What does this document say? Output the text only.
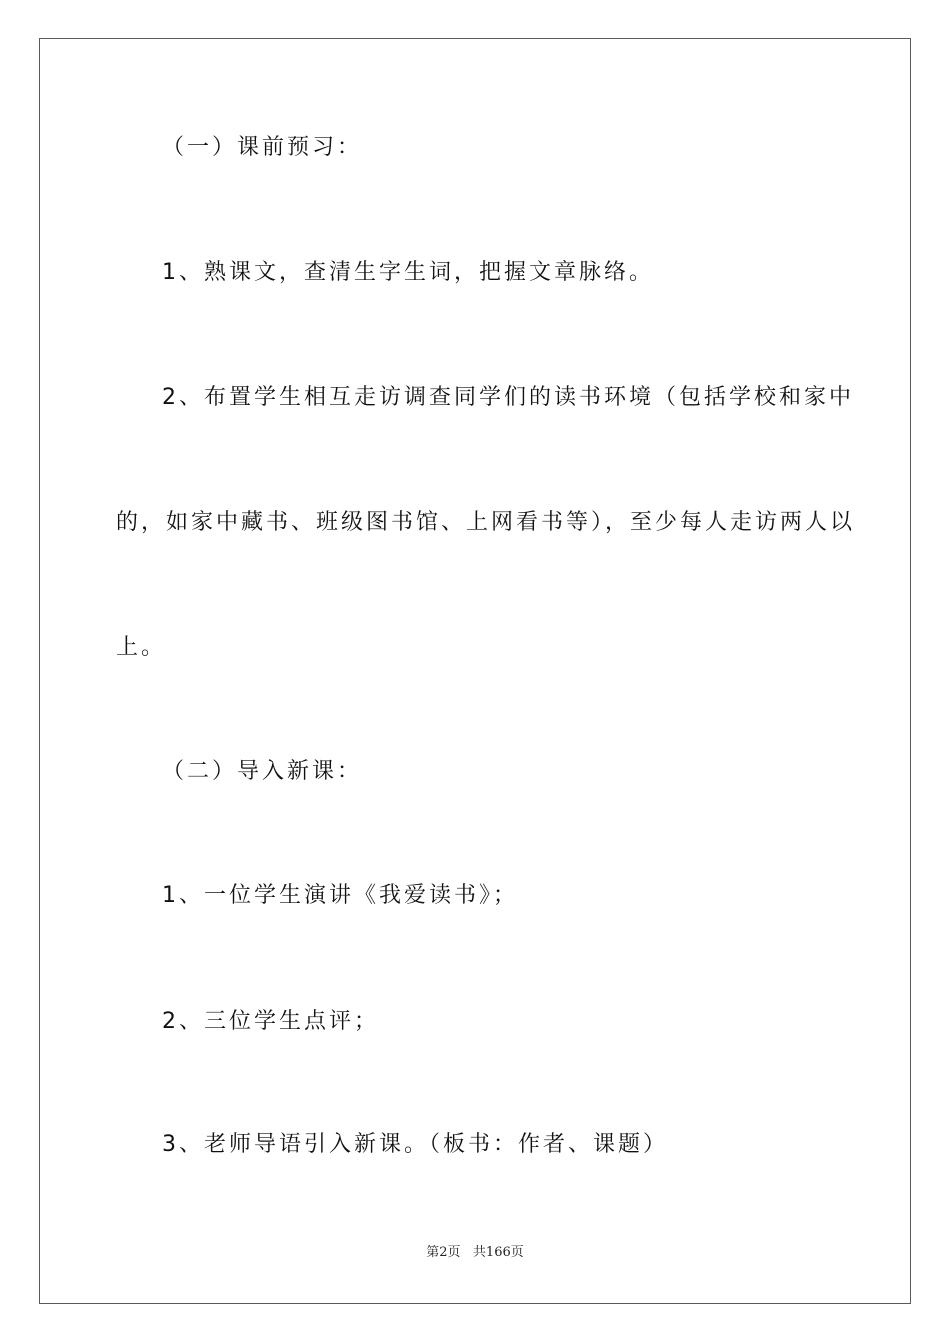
（一）课前预习：
1、熟课文，查清生字生词，把握文章脉络。
2、布置学生相互走访调查同学们的读书环境（包括学校和家中
的，如家中藏书、班级图书馆、上网看书等），至少每人走访两人以
上。
（二）导入新课：
1、一位学生演讲《我爱读书》；
2、三位学生点评；
3、老师导语引入新课。（板书：作者、课题）
第2页 共166页
